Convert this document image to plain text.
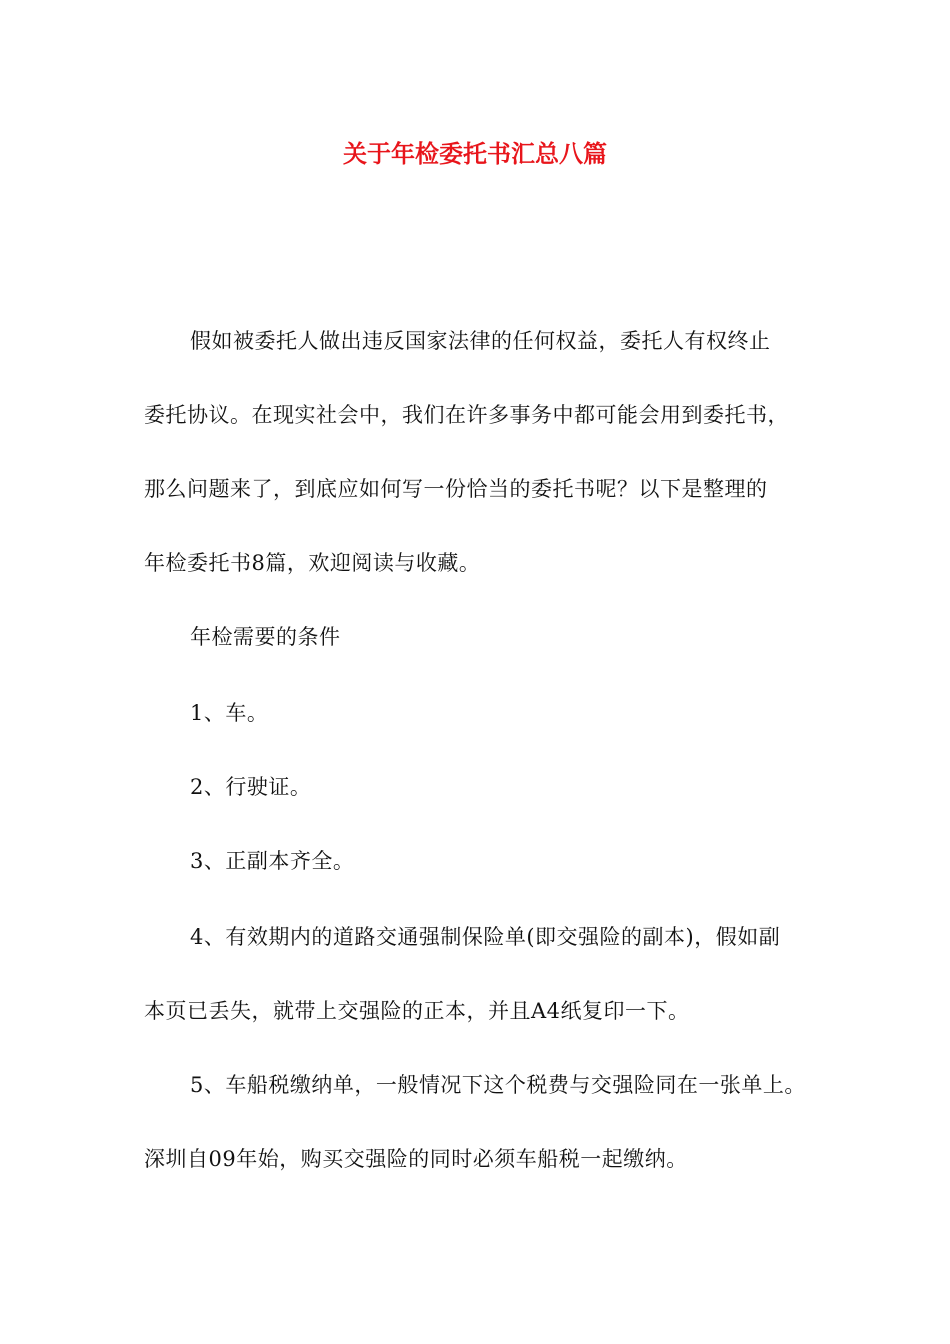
关于年检委托书汇总八篇
假如被委托人做出违反国家法律的任何权益，委托人有权终止
委托协议。在现实社会中，我们在许多事务中都可能会用到委托书，
那么问题来了，到底应如何写一份恰当的委托书呢？以下是整理的
年检委托书8篇，欢迎阅读与收藏。
年检需要的条件
1、车。
2、行驶证。
3、正副本齐全。
4、有效期内的道路交通强制保险单(即交强险的副本)，假如副
本页已丢失，就带上交强险的正本，并且A4纸复印一下。
5、车船税缴纳单，一般情况下这个税费与交强险同在一张单上。
深圳自09年始，购买交强险的同时必须车船税一起缴纳。
